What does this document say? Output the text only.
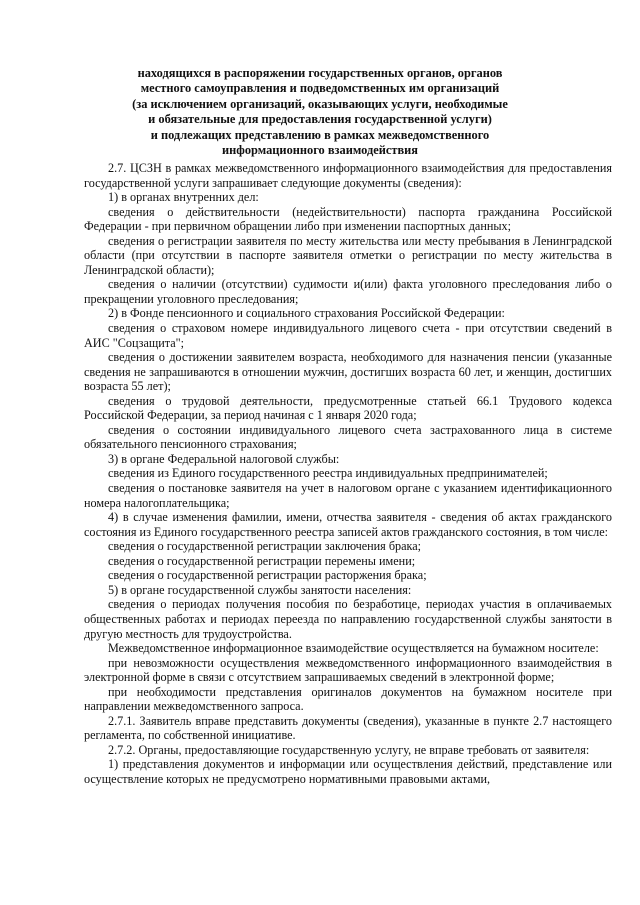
находящихся в распоряжении государственных органов, органов
местного самоуправления и подведомственных им организаций
(за исключением организаций, оказывающих услуги, необходимые
и обязательные для предоставления государственной услуги)
и подлежащих представлению в рамках межведомственного
информационного взаимодействия

2.7. ЦСЗН в рамках межведомственного информационного взаимодействия для предоставления государственной услуги запрашивает следующие документы (сведения):

1) в органах внутренних дел:

сведения о действительности (недействительности) паспорта гражданина Российской Федерации - при первичном обращении либо при изменении паспортных данных;

сведения о регистрации заявителя по месту жительства или месту пребывания в Ленинградской области (при отсутствии в паспорте заявителя отметки о регистрации по месту жительства в Ленинградской области);

сведения о наличии (отсутствии) судимости и(или) факта уголовного преследования либо о прекращении уголовного преследования;

2) в Фонде пенсионного и социального страхования Российской Федерации:

сведения о страховом номере индивидуального лицевого счета - при отсутствии сведений в АИС "Соцзащита";

сведения о достижении заявителем возраста, необходимого для назначения пенсии (указанные сведения не запрашиваются в отношении мужчин, достигших возраста 60 лет, и женщин, достигших возраста 55 лет);

сведения о трудовой деятельности, предусмотренные статьей 66.1 Трудового кодекса Российской Федерации, за период начиная с 1 января 2020 года;

сведения о состоянии индивидуального лицевого счета застрахованного лица в системе обязательного пенсионного страхования;

3) в органе Федеральной налоговой службы:

сведения из Единого государственного реестра индивидуальных предпринимателей;

сведения о постановке заявителя на учет в налоговом органе с указанием идентификационного номера налогоплательщика;

4) в случае изменения фамилии, имени, отчества заявителя - сведения об актах гражданского состояния из Единого государственного реестра записей актов гражданского состояния, в том числе:

сведения о государственной регистрации заключения брака;

сведения о государственной регистрации перемены имени;

сведения о государственной регистрации расторжения брака;

5) в органе государственной службы занятости населения:

сведения о периодах получения пособия по безработице, периодах участия в оплачиваемых общественных работах и периодах переезда по направлению государственной службы занятости в другую местность для трудоустройства.

Межведомственное информационное взаимодействие осуществляется на бумажном носителе:

при невозможности осуществления межведомственного информационного взаимодействия в электронной форме в связи с отсутствием запрашиваемых сведений в электронной форме;

при необходимости представления оригиналов документов на бумажном носителе при направлении межведомственного запроса.

2.7.1. Заявитель вправе представить документы (сведения), указанные в пункте 2.7 настоящего регламента, по собственной инициативе.

2.7.2. Органы, предоставляющие государственную услугу, не вправе требовать от заявителя:

1) представления документов и информации или осуществления действий, представление или осуществление которых не предусмотрено нормативными правовыми актами,
